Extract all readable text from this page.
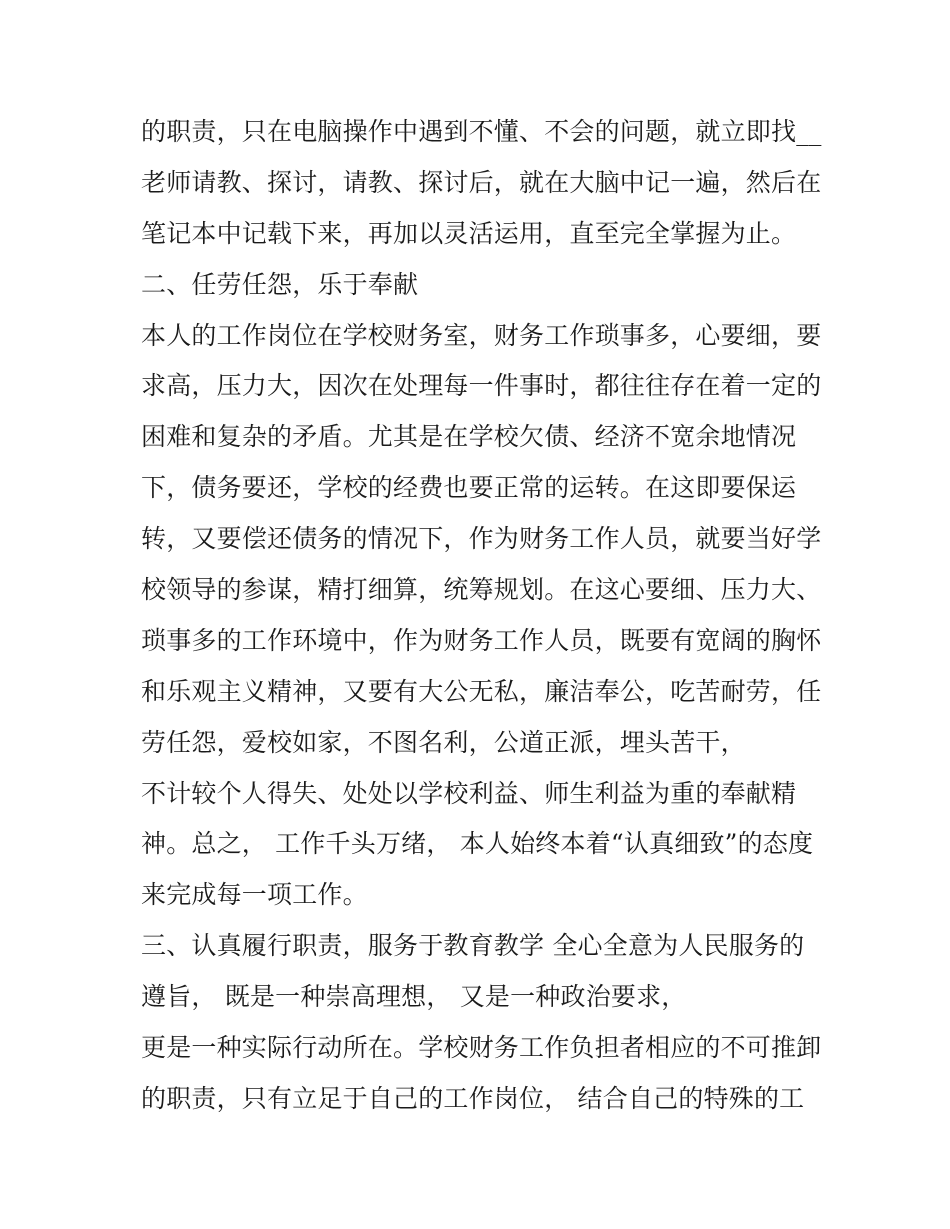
的职责，只在电脑操作中遇到不懂、不会的问题，就立即找__
老师请教、探讨，请教、探讨后，就在大脑中记一遍，然后在
笔记本中记载下来，再加以灵活运用，直至完全掌握为止。
二、任劳任怨，乐于奉献
本人的工作岗位在学校财务室，财务工作琐事多，心要细，要
求高，压力大，因次在处理每一件事时，都往往存在着一定的
困难和复杂的矛盾。尤其是在学校欠债、经济不宽余地情况
下，债务要还，学校的经费也要正常的运转。在这即要保运
转，又要偿还债务的情况下，作为财务工作人员，就要当好学
校领导的参谋，精打细算，统筹规划。在这心要细、压力大、
琐事多的工作环境中，作为财务工作人员，既要有宽阔的胸怀
和乐观主义精神，又要有大公无私，廉洁奉公，吃苦耐劳，任
劳任怨，爱校如家，不图名利，公道正派，埋头苦干，
不计较个人得失、处处以学校利益、师生利益为重的奉献精
神。总之， 工作千头万绪， 本人始终本着“认真细致”的态度
来完成每一项工作。
三、认真履行职责，服务于教育教学 全心全意为人民服务的
遵旨， 既是一种崇高理想， 又是一种政治要求，
更是一种实际行动所在。学校财务工作负担者相应的不可推卸
的职责，只有立足于自己的工作岗位， 结合自己的特殊的工
